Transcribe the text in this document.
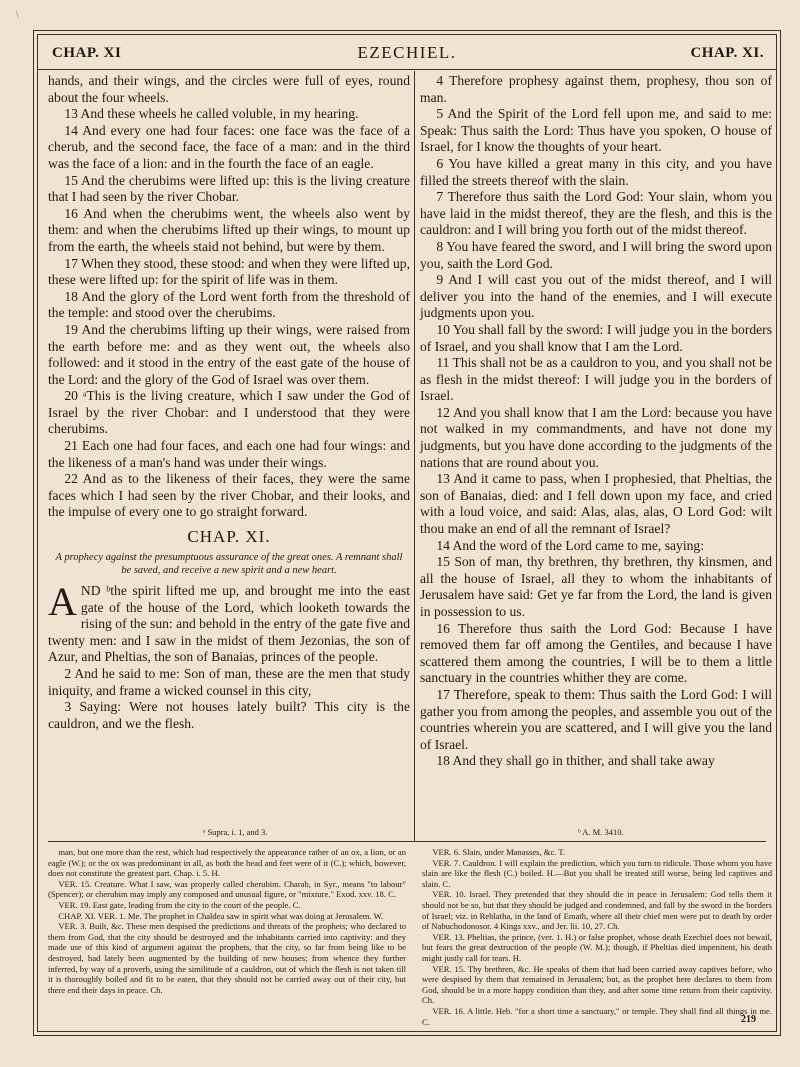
\
CHAP. XI	EZECHIEL.	CHAP. XI.

hands, and their wings, and the circles were full of eyes, round about the four wheels.

13 And these wheels he called voluble, in my hearing.

14 And every one had four faces: one face was the face of a cherub, and the second face, the face of a man: and in the third was the face of a lion: and in the fourth the face of an eagle.

15 And the cherubims were lifted up: this is the living creature that I had seen by the river Chobar.

16 And when the cherubims went, the wheels also went by them: and when the cherubims lifted up their wings, to mount up from the earth, the wheels staid not behind, but were by them.

17 When they stood, these stood: and when they were lifted up, these were lifted up: for the spirit of life was in them.

18 And the glory of the Lord went forth from the threshold of the temple: and stood over the cherubims.

19 And the cherubims lifting up their wings, were raised from the earth before me: and as they went out, the wheels also followed: and it stood in the entry of the east gate of the house of the Lord: and the glory of the God of Israel was over them.

20 ᵃThis is the living creature, which I saw under the God of Israel by the river Chobar: and I understood that they were cherubims.

21 Each one had four faces, and each one had four wings: and the likeness of a man's hand was under their wings.

22 And as to the likeness of their faces, they were the same faces which I had seen by the river Chobar, and their looks, and the impulse of every one to go straight forward.

CHAP. XI.

A prophecy against the presumptuous assurance of the great ones. A remnant shall be saved, and receive a new spirit and a new heart.

AND ᵇthe spirit lifted me up, and brought me into the east gate of the house of the Lord, which looketh towards the rising of the sun: and behold in the entry of the gate five and twenty men: and I saw in the midst of them Jezonias, the son of Azur, and Pheltias, the son of Banaias, princes of the people.

2 And he said to me: Son of man, these are the men that study iniquity, and frame a wicked counsel in this city,

3 Saying: Were not houses lately built? This city is the cauldron, and we the flesh.

4 Therefore prophesy against them, prophesy, thou son of man.

5 And the Spirit of the Lord fell upon me, and said to me: Speak: Thus saith the Lord: Thus have you spoken, O house of Israel, for I know the thoughts of your heart.

6 You have killed a great many in this city, and you have filled the streets thereof with the slain.

7 Therefore thus saith the Lord God: Your slain, whom you have laid in the midst thereof, they are the flesh, and this is the cauldron: and I will bring you forth out of the midst thereof.

8 You have feared the sword, and I will bring the sword upon you, saith the Lord God.

9 And I will cast you out of the midst thereof, and I will deliver you into the hand of the enemies, and I will execute judgments upon you.

10 You shall fall by the sword: I will judge you in the borders of Israel, and you shall know that I am the Lord.

11 This shall not be as a cauldron to you, and you shall not be as flesh in the midst thereof: I will judge you in the borders of Israel.

12 And you shall know that I am the Lord: because you have not walked in my commandments, and have not done my judgments, but you have done according to the judgments of the nations that are round about you.

13 And it came to pass, when I prophesied, that Pheltias, the son of Banaias, died: and I fell down upon my face, and cried with a loud voice, and said: Alas, alas, alas, O Lord God: wilt thou make an end of all the remnant of Israel?

14 And the word of the Lord came to me, saying:

15 Son of man, thy brethren, thy brethren, thy kinsmen, and all the house of Israel, all they to whom the inhabitants of Jerusalem have said: Get ye far from the Lord, the land is given in possession to us.

16 Therefore thus saith the Lord God: Because I have removed them far off among the Gentiles, and because I have scattered them among the countries, I will be to them a little sanctuary in the countries whither they are come.

17 Therefore, speak to them: Thus saith the Lord God: I will gather you from among the peoples, and assemble you out of the countries wherein you are scattered, and I will give you the land of Israel.

18 And they shall go in thither, and shall take away

ᵃ Supra, i. 1, and 3.	ᵇ A. M. 3410.

man, but one more than the rest, which had respectively the appearance rather of an ox, a lion, or an eagle (W.); or the ox was predominant in all, as both the head and feet were of it (C.); which, however, does not constitute the greatest part. Chap. i. 5. H.

VER. 15. Creature. What I saw, was properly called cherubim. Charab, in Syr., means "to labour" (Spencer); or cherubim may imply any composed and unusual figure, or "mixture." Exod. xxv. 18. C.

VER. 19. East gate, leading from the city to the court of the people. C.

CHAP. XI. VER. 1. Me. The prophet in Chaldea saw in spirit what was doing at Jerusalem. W.

VER. 3. Built, &c. These men despised the predictions and threats of the prophets; who declared to them from God, that the city should be destroyed and the inhabitants carried into captivity: and they made use of this kind of argument against the prophets, that the city, so far from being like to be destroyed, had lately been augmented by the building of new houses; from whence they further inferred, by way of a proverb, using the similitude of a cauldron, out of which the flesh is not taken till it is thoroughly boiled and fit to be eaten, that they should not be carried away out of their city, but there end their days in peace. Ch.

VER. 6. Slain, under Manasses, &c. T.

VER. 7. Cauldron. I will explain the prediction, which you turn to ridicule. Those whom you have slain are like the flesh (C.) boiled. H.—But you shall be treated still worse, being led captives and slain. C.

VER. 10. Israel. They pretended that they should die in peace in Jerusalem: God tells them it should not be so, but that they should be judged and condemned, and fall by the sword in the borders of Israel; viz. in Reblatha, in the land of Emath, where all their chief men were put to death by order of Nabuchodonosor. 4 Kings xxv., and Jer. lii. 10, 27. Ch.

VER. 13. Pheltias, the prince, (ver. 1. H.) or false prophet, whose death Ezechiel does not bewail, but fears the great destruction of the people (W. M.); though, if Pheltias died impenitent, his death might justly call for tears. H.

VER. 15. Thy brethren, &c. He speaks of them that had been carried away captives before, who were despised by them that remained in Jerusalem; but, as the prophet here declares to them from God, should be in a more happy condition than they, and after some time return from their captivity. Ch.

VER. 16. A little. Heb. "for a short time a sanctuary," or temple. They shall find all things in me. C.	219
